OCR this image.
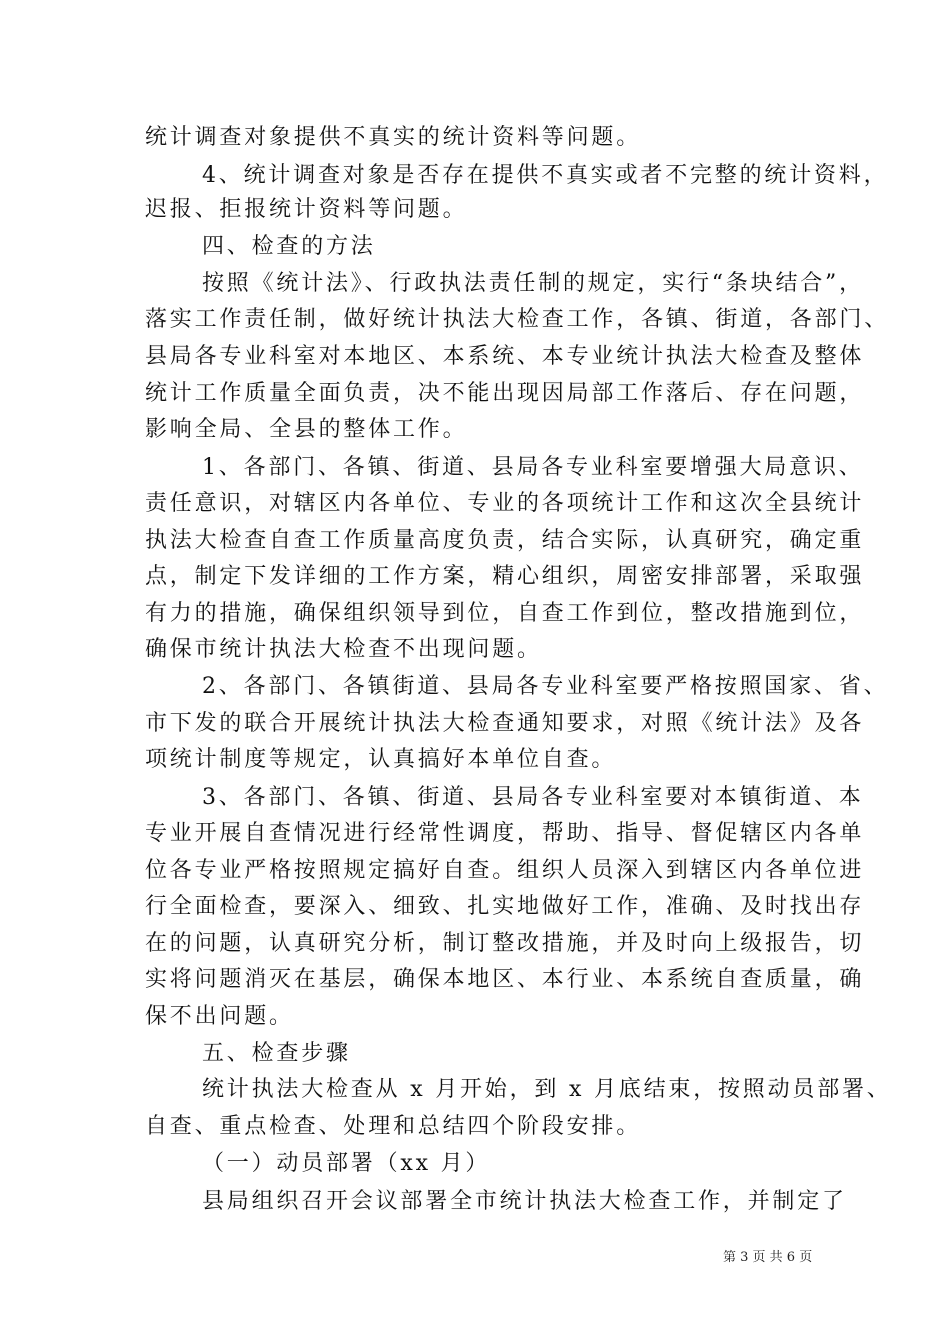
统计调查对象提供不真实的统计资料等问题。
4、统计调查对象是否存在提供不真实或者不完整的统计资料，
迟报、拒报统计资料等问题。
四、检查的方法
按照《统计法》、行政执法责任制的规定，实行“条块结合”，
落实工作责任制，做好统计执法大检查工作，各镇、街道，各部门、
县局各专业科室对本地区、本系统、本专业统计执法大检查及整体
统计工作质量全面负责，决不能出现因局部工作落后、存在问题，
影响全局、全县的整体工作。
1、各部门、各镇、街道、县局各专业科室要增强大局意识、
责任意识，对辖区内各单位、专业的各项统计工作和这次全县统计
执法大检查自查工作质量高度负责，结合实际，认真研究，确定重
点，制定下发详细的工作方案，精心组织，周密安排部署，采取强
有力的措施，确保组织领导到位，自查工作到位，整改措施到位，
确保市统计执法大检查不出现问题。
2、各部门、各镇街道、县局各专业科室要严格按照国家、省、
市下发的联合开展统计执法大检查通知要求，对照《统计法》及各
项统计制度等规定，认真搞好本单位自查。
3、各部门、各镇、街道、县局各专业科室要对本镇街道、本
专业开展自查情况进行经常性调度，帮助、指导、督促辖区内各单
位各专业严格按照规定搞好自查。组织人员深入到辖区内各单位进
行全面检查，要深入、细致、扎实地做好工作，准确、及时找出存
在的问题，认真研究分析，制订整改措施，并及时向上级报告，切
实将问题消灭在基层，确保本地区、本行业、本系统自查质量，确
保不出问题。
五、检查步骤
统计执法大检查从 x 月开始，到 x 月底结束，按照动员部署、
自查、重点检查、处理和总结四个阶段安排。
（一）动员部署（xx 月）
县局组织召开会议部署全市统计执法大检查工作，并制定了
第 3 页 共 6 页
